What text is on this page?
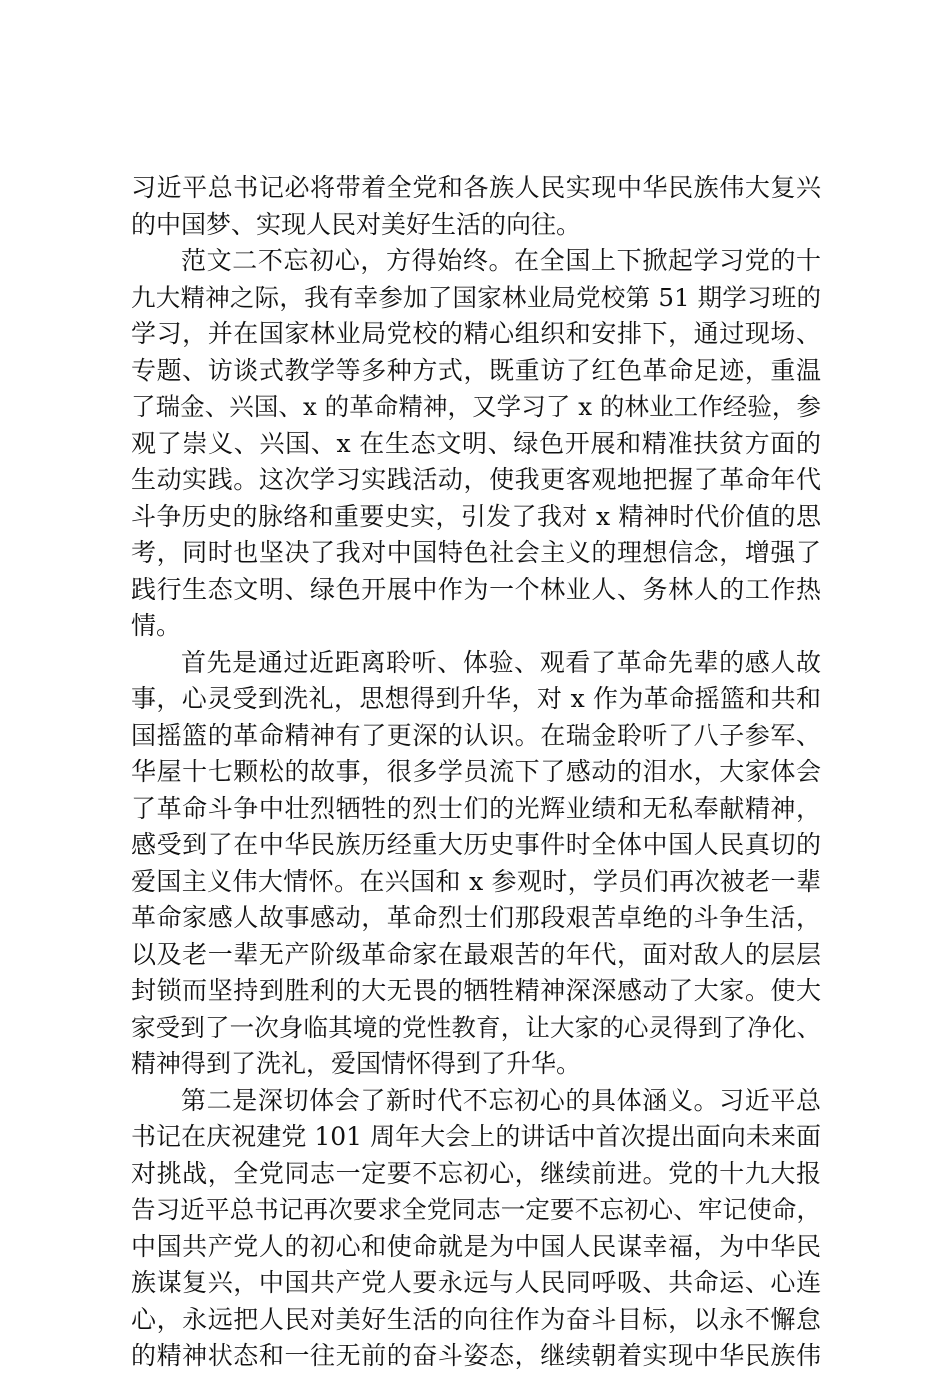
习近平总书记必将带着全党和各族人民实现中华民族伟大复兴
的中国梦、实现人民对美好生活的向往。
范文二不忘初心，方得始终。在全国上下掀起学习党的十
九大精神之际，我有幸参加了国家林业局党校第 51 期学习班的
学习，并在国家林业局党校的精心组织和安排下，通过现场、
专题、访谈式教学等多种方式，既重访了红色革命足迹，重温
了瑞金、兴国、x 的革命精神，又学习了 x 的林业工作经验，参
观了崇义、兴国、x 在生态文明、绿色开展和精准扶贫方面的
生动实践。这次学习实践活动，使我更客观地把握了革命年代
斗争历史的脉络和重要史实，引发了我对 x 精神时代价值的思
考，同时也坚决了我对中国特色社会主义的理想信念，增强了
践行生态文明、绿色开展中作为一个林业人、务林人的工作热
情。
首先是通过近距离聆听、体验、观看了革命先辈的感人故
事，心灵受到洗礼，思想得到升华，对 x 作为革命摇篮和共和
国摇篮的革命精神有了更深的认识。在瑞金聆听了八子参军、
华屋十七颗松的故事，很多学员流下了感动的泪水，大家体会
了革命斗争中壮烈牺牲的烈士们的光辉业绩和无私奉献精神，
感受到了在中华民族历经重大历史事件时全体中国人民真切的
爱国主义伟大情怀。在兴国和 x 参观时，学员们再次被老一辈
革命家感人故事感动，革命烈士们那段艰苦卓绝的斗争生活，
以及老一辈无产阶级革命家在最艰苦的年代，面对敌人的层层
封锁而坚持到胜利的大无畏的牺牲精神深深感动了大家。使大
家受到了一次身临其境的党性教育，让大家的心灵得到了净化、
精神得到了洗礼，爱国情怀得到了升华。
第二是深切体会了新时代不忘初心的具体涵义。习近平总
书记在庆祝建党 101 周年大会上的讲话中首次提出面向未来面
对挑战，全党同志一定要不忘初心，继续前进。党的十九大报
告习近平总书记再次要求全党同志一定要不忘初心、牢记使命，
中国共产党人的初心和使命就是为中国人民谋幸福，为中华民
族谋复兴，中国共产党人要永远与人民同呼吸、共命运、心连
心，永远把人民对美好生活的向往作为奋斗目标，以永不懈怠
的精神状态和一往无前的奋斗姿态，继续朝着实现中华民族伟
